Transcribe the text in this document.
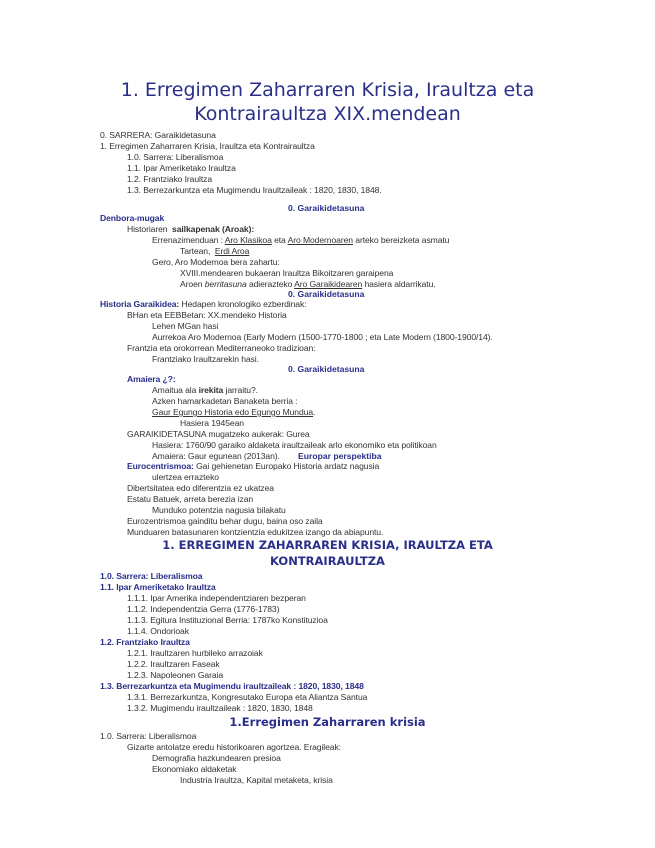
1. Erregimen Zaharraren Krisia, Iraultza eta
Kontrairaultza XIX.mendean
0. SARRERA: Garaikidetasuna
1. Erregimen Zaharraren Krisia, Iraultza eta Kontrairaultza
1.0. Sarrera: Liberalismoa
1.1. Ipar Ameriketako Iraultza
1.2. Frantziako Iraultza
1.3. Berrezarkuntza eta Mugimendu Iraultzaileak : 1820, 1830, 1848.
0. Garaikidetasuna
Denbora-mugak
Historiaren sailkapenak (Aroak):
Errenazimenduan : Aro Klasikoa eta Aro Modernoaren arteko bereizketa asmatu
Tartean, Erdi Aroa
Gero, Aro Modernoa bera zahartu:
XVIII.mendearen bukaeran Iraultza Bikoitzaren garaipena
Aroen berritasuna adierazteko Aro Garaikidearen hasiera aldarrikatu.
0. Garaikidetasuna
Historia Garaikidea: Hedapen kronologiko ezberdinak:
BHan eta EEBBetan: XX.mendeko Historia
Lehen MGan hasi
Aurrekoa Aro Modernoa (Early Modern (1500-1770-1800 ; eta Late Modern (1800-1900/14).
Frantzia eta orokorrean Mediterraneoko tradizioan:
Frantziako Iraultzarekin hasi.
0. Garaikidetasuna
Amaiera ¿?:
Amaitua ala irekita jarraitu?.
Azken hamarkadetan Banaketa berria :
Gaur Egungo Historia edo Egungo Mundua.
Hasiera 1945ean
GARAIKIDETASUNA mugatzeko aukerak: Gurea
Hasiera: 1760/90 garaiko aldaketa iraultzaileak arlo ekonomiko eta politikoan
Amaiera: Gaur egunean (2013an). Europar perspektiba
Eurocentrismoa: Gai gehienetan Europako Historia ardatz nagusia
ulertzea errazteko
Dibertsitatea edo diferentzia ez ukatzea
Estatu Batuek, arreta berezia izan
Munduko potentzia nagusia bilakatu
Eurozentrismoa gainditu behar dugu, baina oso zaila
Munduaren batasunaren kontzientzia edukitzea izango da abiapuntu.
1. ERREGIMEN ZAHARRAREN KRISIA, IRAULTZA ETA
KONTRAIRAULTZA
1.0. Sarrera: Liberalismoa
1.1. Ipar Ameriketako Iraultza
1.1.1. Ipar Amerika independentziaren bezperan
1.1.2. Independentzia Gerra (1776-1783)
1.1.3. Egitura Instituzional Berria: 1787ko Konstituzioa
1.1.4. Ondorioak
1.2. Frantziako Iraultza
1.2.1. Iraultzaren hurbileko arrazoiak
1.2.2. Iraultzaren Faseak
1.2.3. Napoleonen Garaia
1.3. Berrezarkuntza eta Mugimendu iraultzaileak : 1820, 1830, 1848
1.3.1. Berrezarkuntza, Kongresutako Europa eta Aliantza Santua
1.3.2. Mugimendu iraultzaileak : 1820, 1830, 1848
1.Erregimen Zaharraren krisia
1.0. Sarrera: Liberalismoa
Gizarte antolatze eredu historikoaren agortzea. Eragileak:
Demografia hazkundearen presioa
Ekonomiako aldaketak
Industria Iraultza, Kapital metaketa, krisia
